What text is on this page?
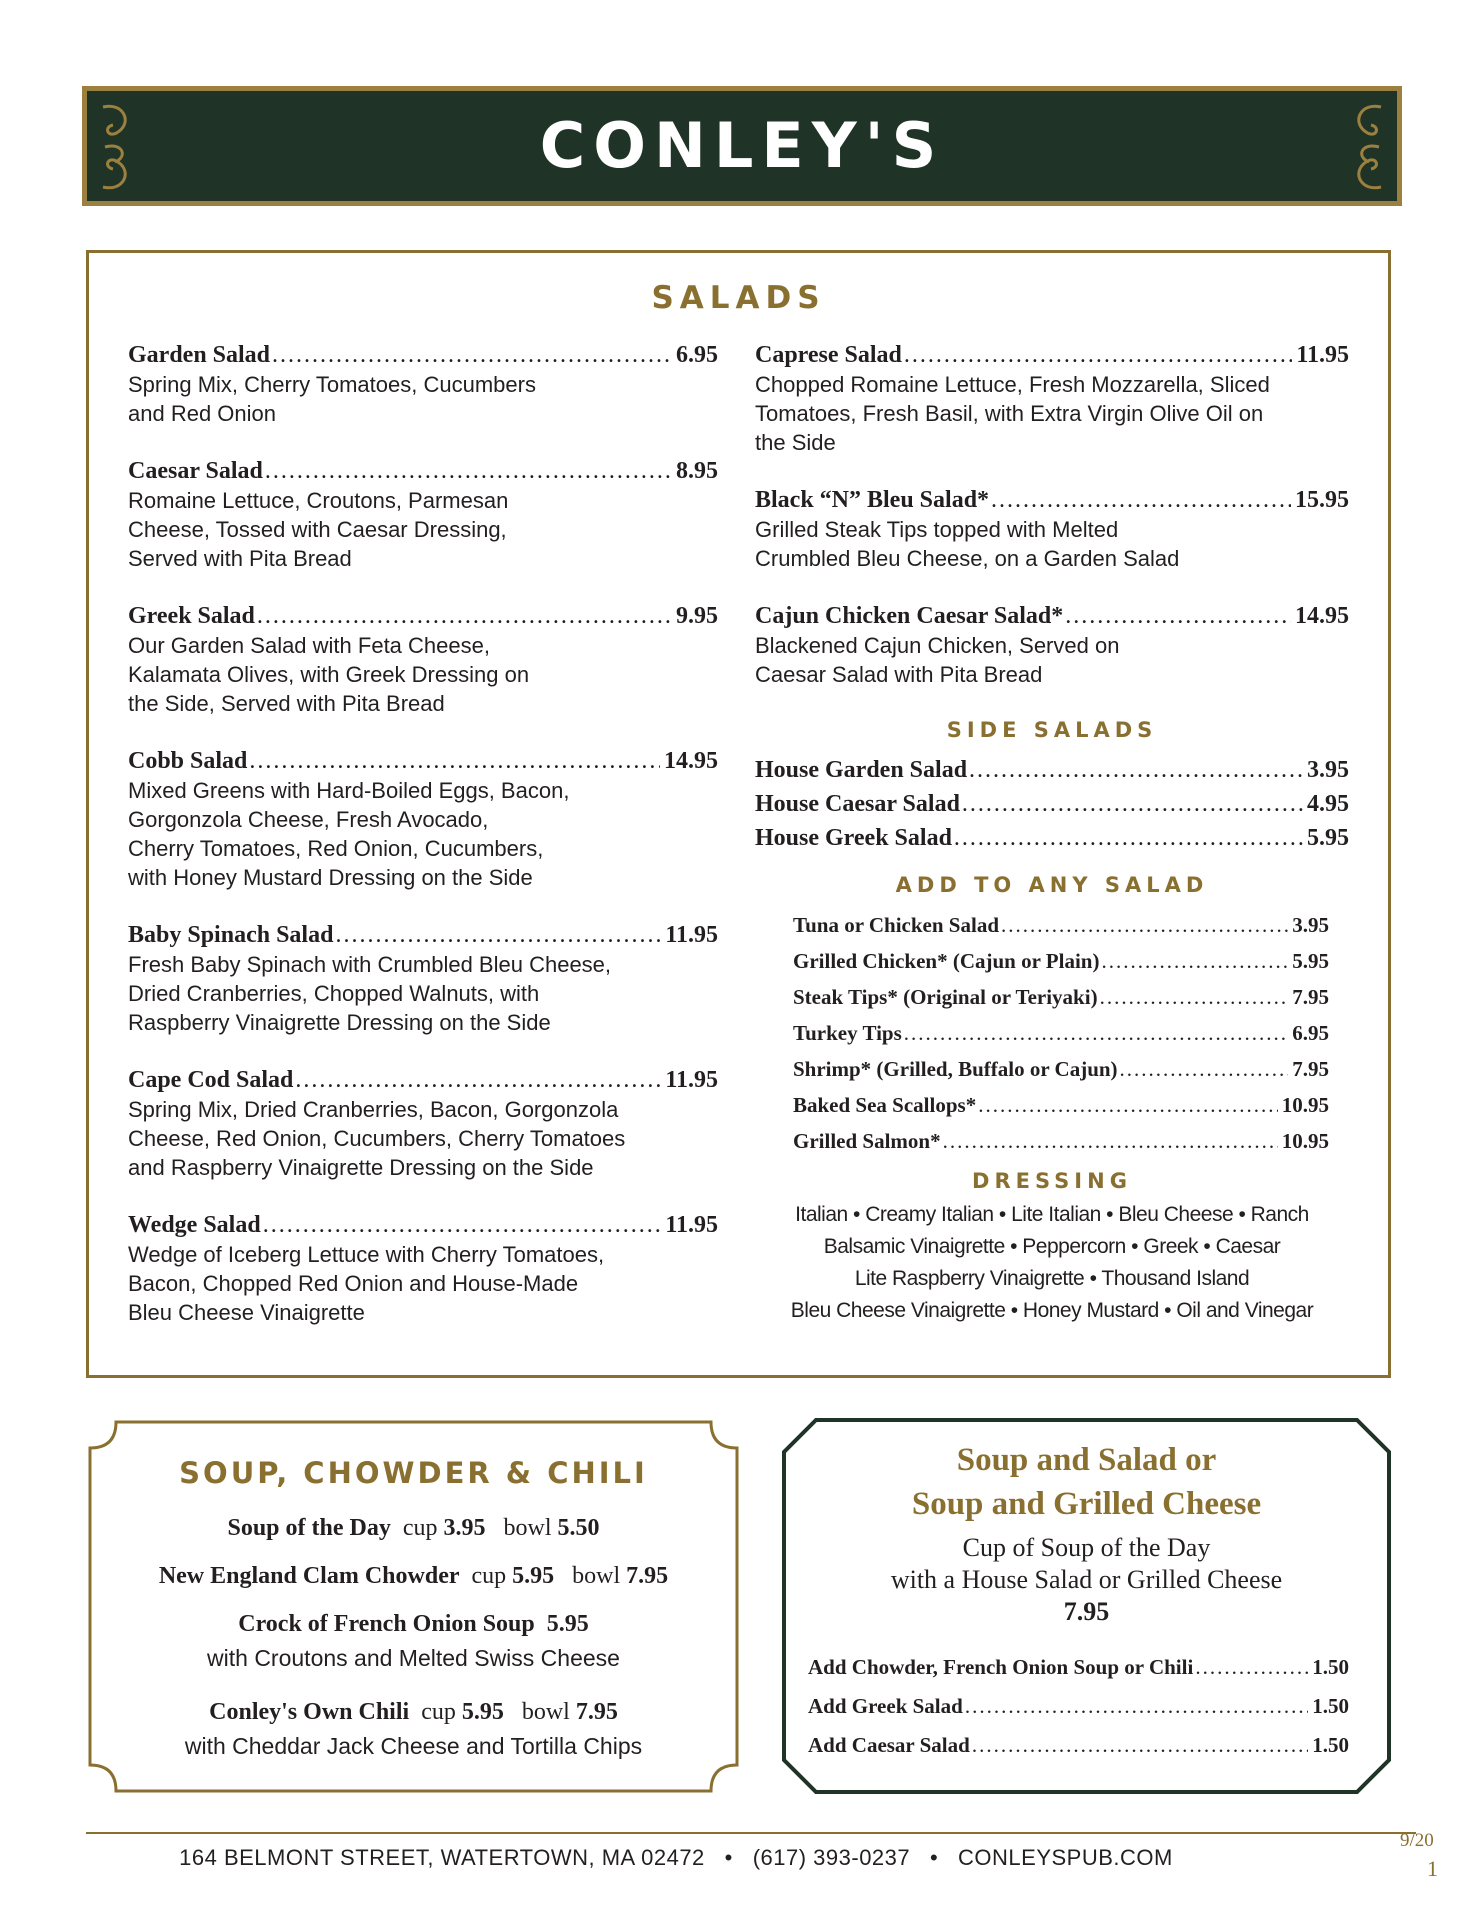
CONLEY'S
SALADS
Garden Salad .....	6.95
Spring Mix, Cherry Tomatoes, Cucumbers
and Red Onion
Caesar Salad .....	8.95
Romaine Lettuce, Croutons, Parmesan
Cheese, Tossed with Caesar Dressing,
Served with Pita Bread
Greek Salad .....	9.95
Our Garden Salad with Feta Cheese,
Kalamata Olives, with Greek Dressing on
the Side, Served with Pita Bread
Cobb Salad .....	14.95
Mixed Greens with Hard-Boiled Eggs, Bacon,
Gorgonzola Cheese, Fresh Avocado,
Cherry Tomatoes, Red Onion, Cucumbers,
with Honey Mustard Dressing on the Side
Baby Spinach Salad .....	11.95
Fresh Baby Spinach with Crumbled Bleu Cheese,
Dried Cranberries, Chopped Walnuts, with
Raspberry Vinaigrette Dressing on the Side
Cape Cod Salad .....	11.95
Spring Mix, Dried Cranberries, Bacon, Gorgonzola
Cheese, Red Onion, Cucumbers, Cherry Tomatoes
and Raspberry Vinaigrette Dressing on the Side
Wedge Salad .....	11.95
Wedge of Iceberg Lettuce with Cherry Tomatoes,
Bacon, Chopped Red Onion and House-Made
Bleu Cheese Vinaigrette
Caprese Salad .....	11.95
Chopped Romaine Lettuce, Fresh Mozzarella, Sliced
Tomatoes, Fresh Basil, with Extra Virgin Olive Oil on
the Side
Black “N” Bleu Salad* .....	15.95
Grilled Steak Tips topped with Melted
Crumbled Bleu Cheese, on a Garden Salad
Cajun Chicken Caesar Salad* .....	14.95
Blackened Cajun Chicken, Served on
Caesar Salad with Pita Bread
SIDE SALADS
House Garden Salad .....	3.95
House Caesar Salad .....	4.95
House Greek Salad .....	5.95
ADD TO ANY SALAD
Tuna or Chicken Salad .....	3.95
Grilled Chicken* (Cajun or Plain) .....	5.95
Steak Tips* (Original or Teriyaki) .....	7.95
Turkey Tips .....	6.95
Shrimp* (Grilled, Buffalo or Cajun) .....	7.95
Baked Sea Scallops* .....	10.95
Grilled Salmon* .....	10.95
DRESSING
Italian • Creamy Italian • Lite Italian • Bleu Cheese • Ranch
Balsamic Vinaigrette • Peppercorn • Greek • Caesar
Lite Raspberry Vinaigrette • Thousand Island
Bleu Cheese Vinaigrette • Honey Mustard • Oil and Vinegar
SOUP, CHOWDER & CHILI
Soup of the Day cup 3.95 bowl 5.50
New England Clam Chowder cup 5.95 bowl 7.95
Crock of French Onion Soup 5.95
with Croutons and Melted Swiss Cheese
Conley's Own Chili cup 5.95 bowl 7.95
with Cheddar Jack Cheese and Tortilla Chips
Soup and Salad or
Soup and Grilled Cheese
Cup of Soup of the Day
with a House Salad or Grilled Cheese
7.95
Add Chowder, French Onion Soup or Chili .....	1.50
Add Greek Salad .....	1.50
Add Caesar Salad .....	1.50
164 BELMONT STREET, WATERTOWN, MA 02472 • (617) 393-0237 • CONLEYSPUB.COM
9/20
1
